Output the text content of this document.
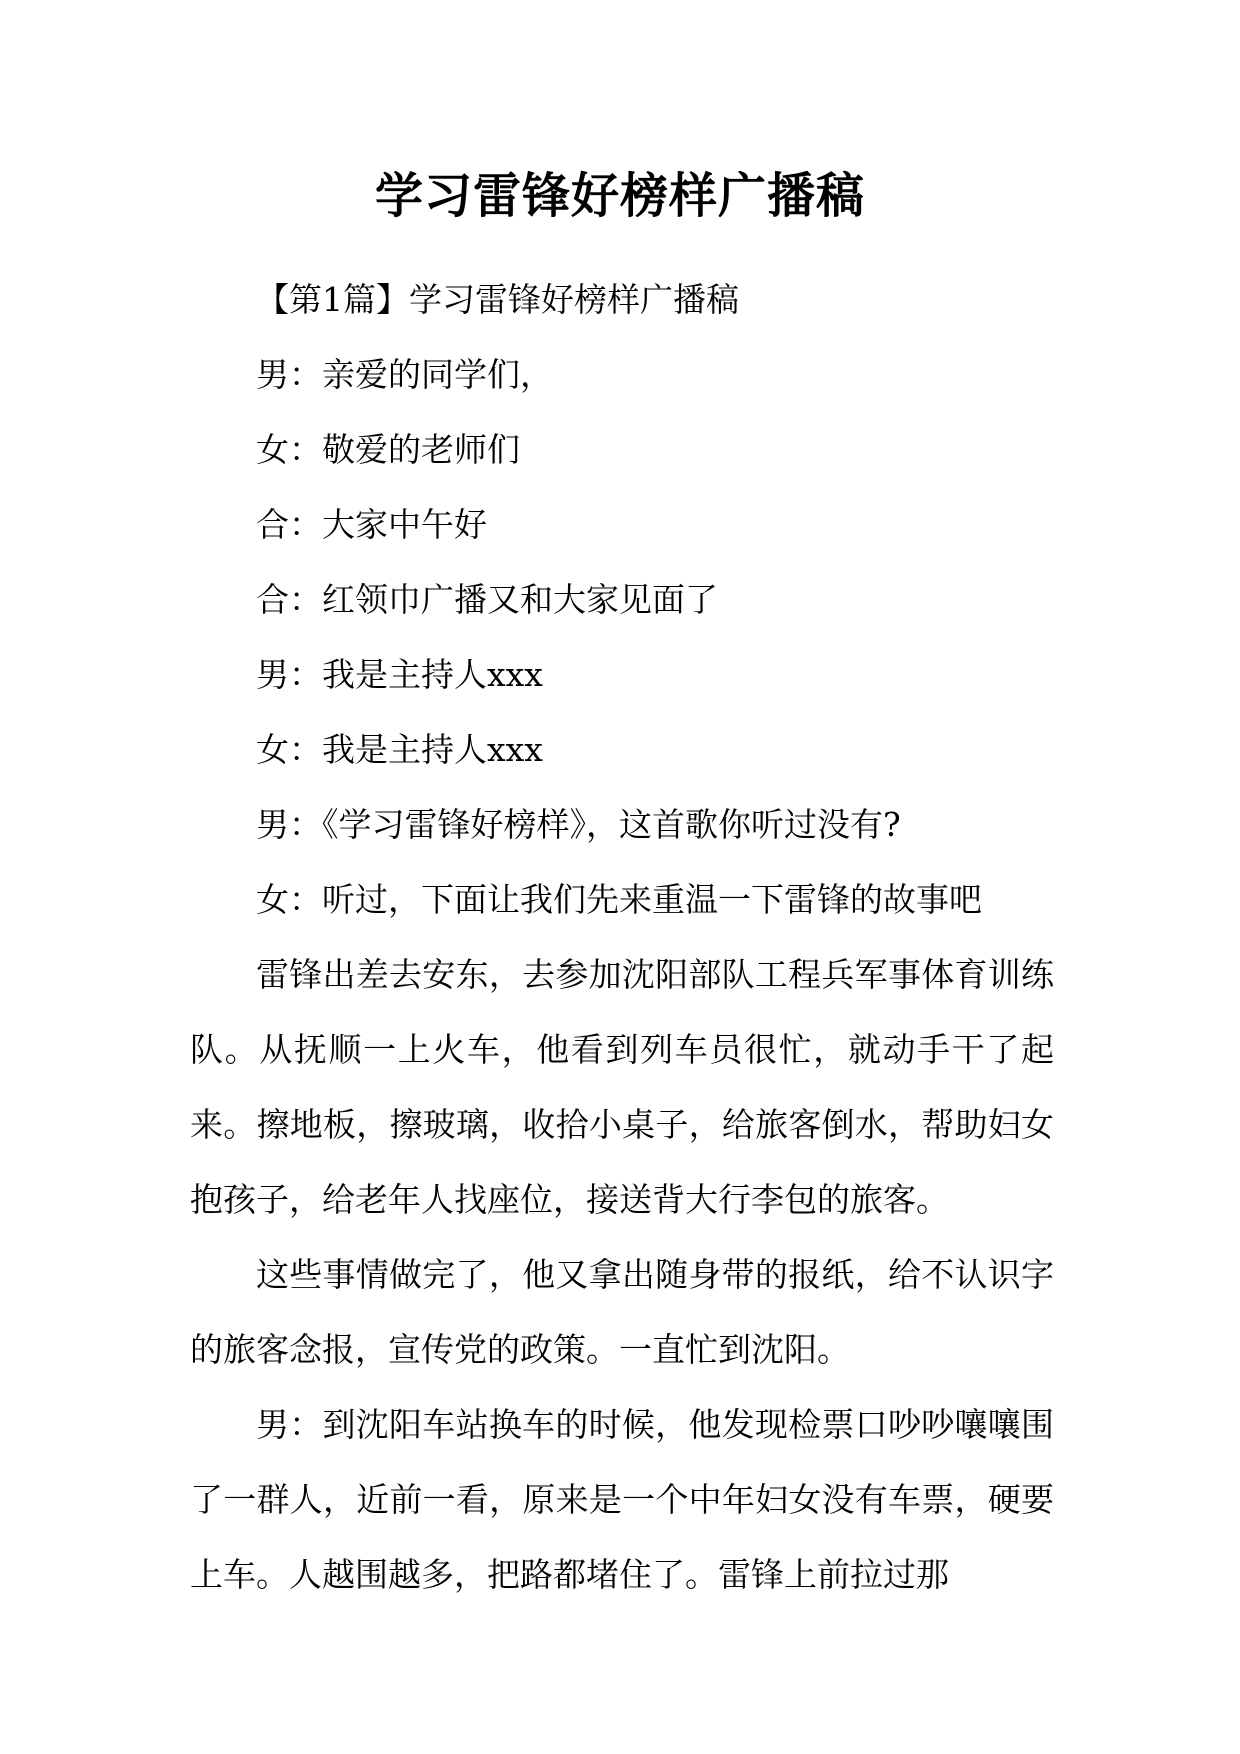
学习雷锋好榜样广播稿

【第1篇】学习雷锋好榜样广播稿

男：亲爱的同学们，

女：敬爱的老师们

合：大家中午好

合：红领巾广播又和大家见面了

男：我是主持人xxx

女：我是主持人xxx

男：《学习雷锋好榜样》，这首歌你听过没有?

女：听过，下面让我们先来重温一下雷锋的故事吧

雷锋出差去安东，去参加沈阳部队工程兵军事体育训练队。从抚顺一上火车，他看到列车员很忙，就动手干了起来。擦地板，擦玻璃，收拾小桌子，给旅客倒水，帮助妇女抱孩子，给老年人找座位，接送背大行李包的旅客。

这些事情做完了，他又拿出随身带的报纸，给不认识字的旅客念报，宣传党的政策。一直忙到沈阳。

男：到沈阳车站换车的时候，他发现检票口吵吵嚷嚷围了一群人，近前一看，原来是一个中年妇女没有车票，硬要上车。人越围越多，把路都堵住了。雷锋上前拉过那
